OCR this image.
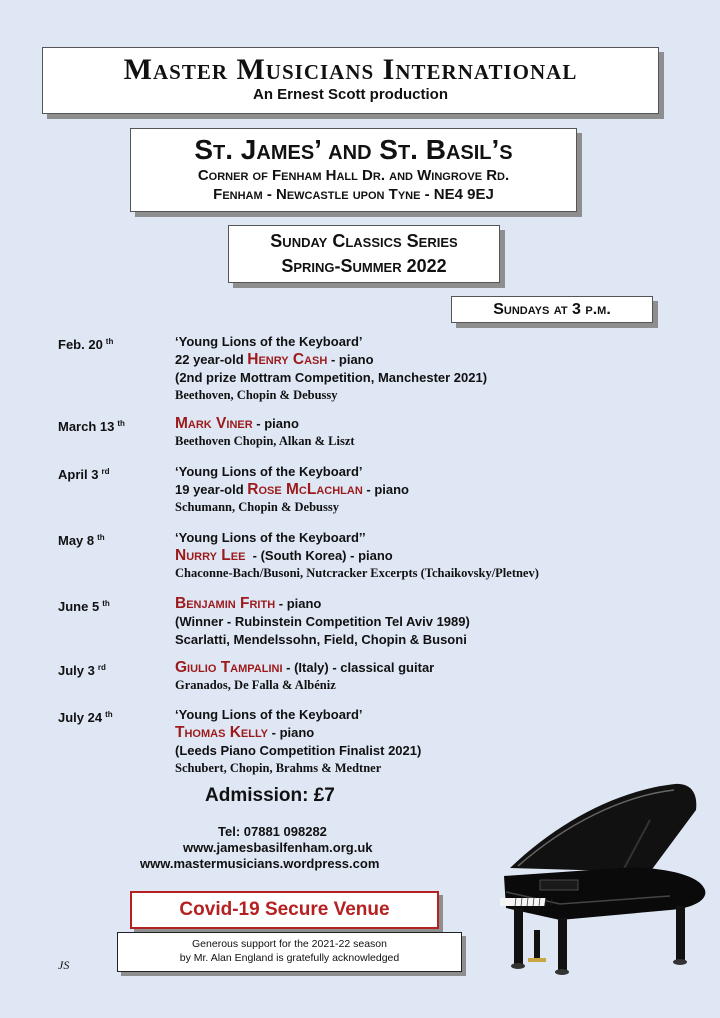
Master Musicians International
An Ernest Scott production
St. James’ and St. Basil’s
Corner of Fenham Hall Dr. and Wingrove Rd.
Fenham - Newcastle upon Tyne - NE4 9EJ
Sunday Classics Series
Spring-Summer 2022
Sundays at 3 p.m.
Feb. 20 $^{th}$	‘Young Lions of the Keyboard’
22 year-old Henry Cash - piano
(2nd prize Mottram Competition, Manchester 2021)
Beethoven, Chopin & Debussy
March 13 $^{th}$	Mark Viner - piano
Beethoven Chopin, Alkan & Liszt
April 3 $^{rd}$	‘Young Lions of the Keyboard’
19 year-old Rose McLachlan - piano
Schumann, Chopin & Debussy
May 8 $^{th}$	‘Young Lions of the Keyboard’’
Nurry Lee  - (South Korea) - piano
Chaconne-Bach/Busoni, Nutcracker Excerpts (Tchaikovsky/Pletnev)
June 5 $^{th}$	Benjamin Frith - piano
(Winner - Rubinstein Competition Tel Aviv 1989)
Scarlatti, Mendelssohn, Field, Chopin & Busoni
July 3 $^{rd}$	Giulio Tampalini - (Italy) - classical guitar
Granados, De Falla & Albéniz
July 24 $^{th}$	‘Young Lions of the Keyboard’
Thomas Kelly - piano
(Leeds Piano Competition Finalist 2021)
Schubert, Chopin, Brahms & Medtner
Admission: £7
Tel: 07881 098282
www.jamesbasilfenham.org.uk
www.mastermusicians.wordpress.com
Covid-19 Secure Venue
Generous support for the 2021-22 season
by Mr. Alan England is gratefully acknowledged
JS
